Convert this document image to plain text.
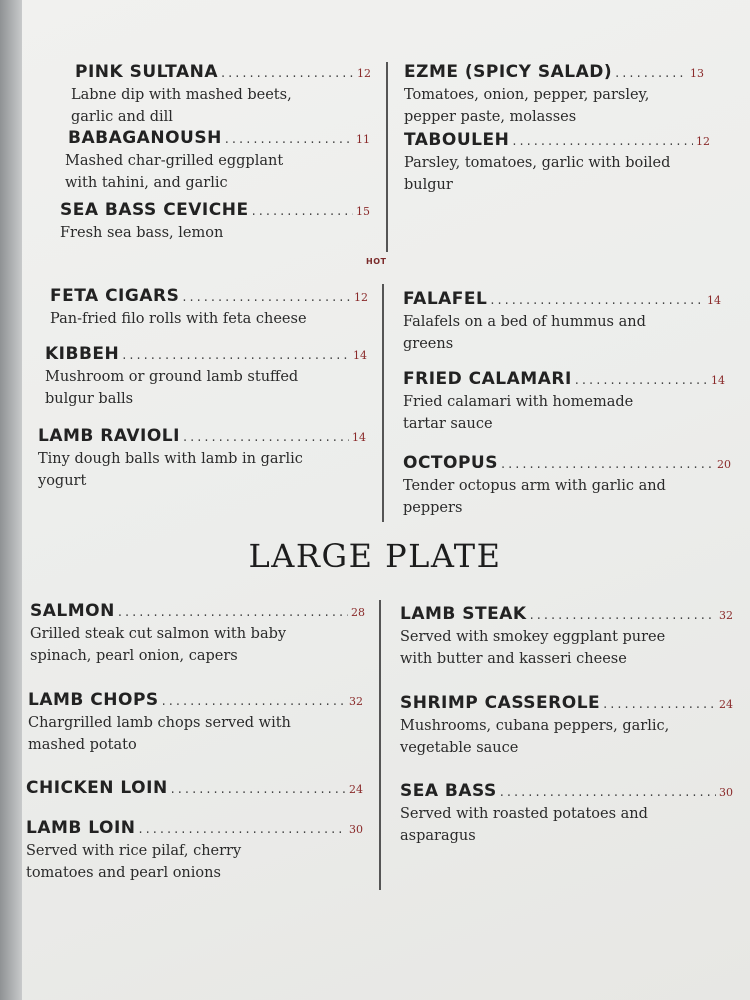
HOT
LARGE PLATE
PINK SULTANA .....	12
Labne dip with mashed beets, garlic and dill
BABAGANOUSH .....	11
Mashed char-grilled eggplant with tahini, and garlic
SEA BASS CEVICHE .....	15
Fresh sea bass, lemon
EZME (SPICY SALAD) .....	13
Tomatoes, onion, pepper, parsley, pepper paste, molasses
TABOULEH .....	12
Parsley, tomatoes, garlic with boiled bulgur
FETA CIGARS .....	12
Pan-fried filo rolls with feta cheese
KIBBEH .....	14
Mushroom or ground lamb stuffed bulgur balls
LAMB RAVIOLI .....	14
Tiny dough balls with lamb in garlic yogurt
FALAFEL .....	14
Falafels on a bed of hummus and greens
FRIED CALAMARI .....	14
Fried calamari with homemade tartar sauce
OCTOPUS .....	20
Tender octopus arm with garlic and peppers
SALMON .....	28
Grilled steak cut salmon with baby spinach, pearl onion, capers
LAMB CHOPS .....	32
Chargrilled lamb chops served with mashed potato
CHICKEN LOIN .....	24
LAMB LOIN .....	30
Served with rice pilaf, cherry tomatoes and pearl onions
LAMB STEAK .....	32
Served with smokey eggplant puree with butter and kasseri cheese
SHRIMP CASSEROLE .....	24
Mushrooms, cubana peppers, garlic, vegetable sauce
SEA BASS .....	30
Served with roasted potatoes and asparagus
